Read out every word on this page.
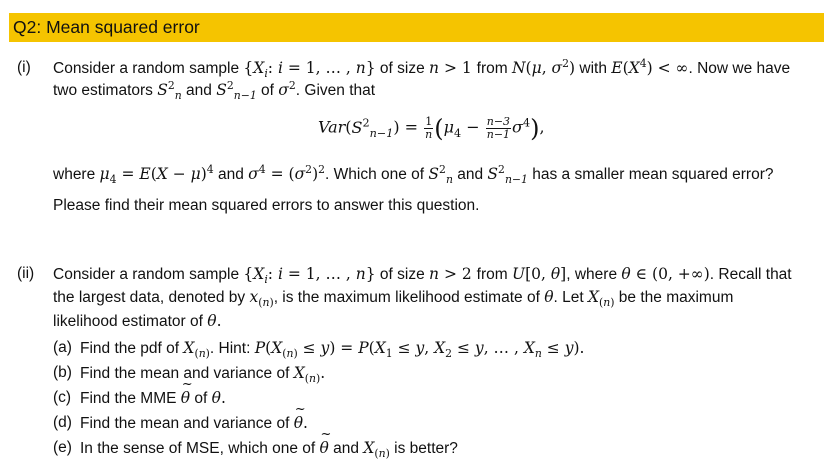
Q2: Mean squared error
(i) Consider a random sample {$X_i$: i = 1, … , n} of size n > 1 from N(μ, $\sigma^2$) with $E(X^4)$ < ∞. Now we have
two estimators $S^2_n$ and $S^2_{n-1}$ of $\sigma^2$. Given that
$Var(S^2_{n-1}) = \frac{1}{n} (\mu_4 - \frac{n-3}{n-1} \sigma^4)$,
where $\mu_4 = E(X - \mu)^4$ and $\sigma^4 = (\sigma^2)^2$. Which one of $S^2_n$ and $S^2_{n-1}$ has a smaller mean squared error?
Please find their mean squared errors to answer this question.
(ii) Consider a random sample {$X_i$: i = 1, … , n} of size n > 2 from U[0, θ], where θ ∈ (0, +∞). Recall that
the largest data, denoted by $x_{(n)}$, is the maximum likelihood estimate of θ. Let $X_{(n)}$ be the maximum
likelihood estimator of θ.
(a) Find the pdf of $X_{(n)}$. Hint: $P(X_{(n)} \le y) = P(X_1 \le y$, $X_2 \le y$, … , $X_n \le y$).
(b) Find the mean and variance of $X_{(n)}$.
(c) Find the MME ~ θ of θ.
(d) Find the mean and variance of ~ θ.
(e) In the sense of MSE, which one of ~ θ and $X_{(n)}$ is better?
